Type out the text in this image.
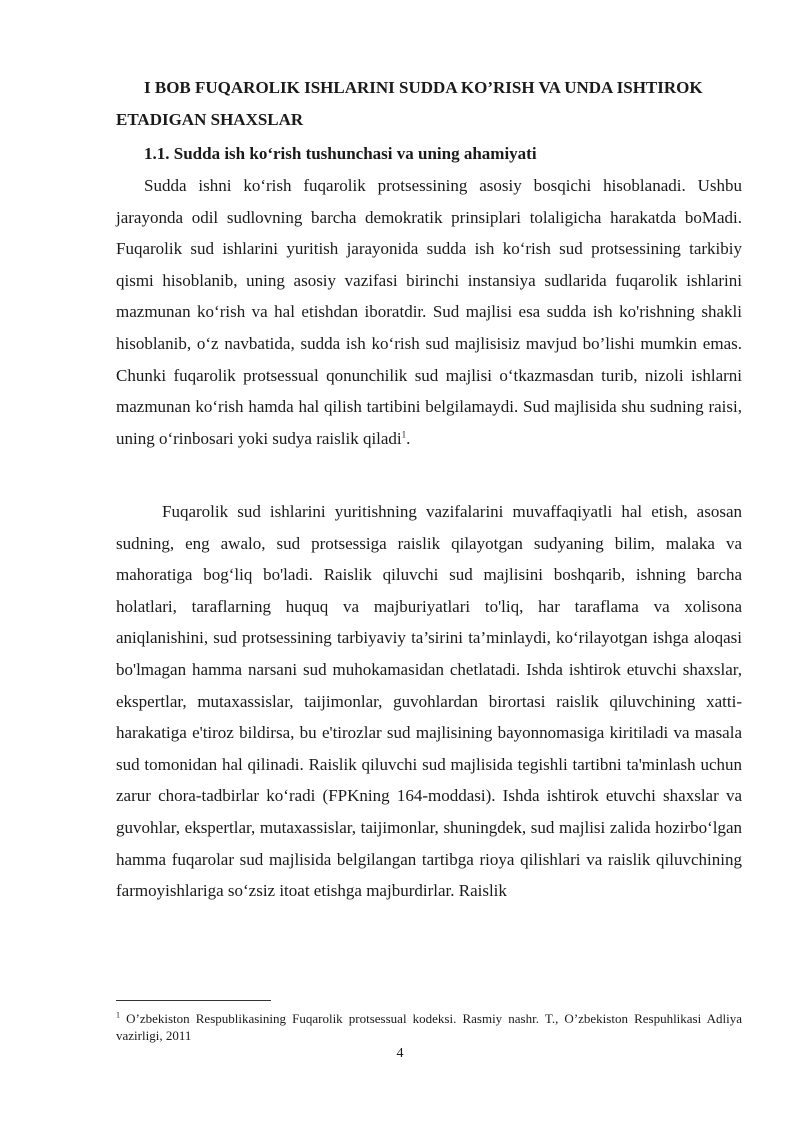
I BOB FUQAROLIK ISHLARINI SUDDA KO’RISH VA UNDA ISHTIROK ETADIGAN SHAXSLAR

1.1. Sudda ish ko‘rish tushunchasi va uning ahamiyati

Sudda ishni ko‘rish fuqarolik protsessining asosiy bosqichi hisoblanadi. Ushbu jarayonda odil sudlovning barcha demokratik prinsiplari tolaligicha harakatda boMadi. Fuqarolik sud ishlarini yuritish jarayonida sudda ish ko‘rish sud protsessining tarkibiy qismi hisoblanib, uning asosiy vazifasi birinchi instansiya sudlarida fuqarolik ishlarini mazmunan ko‘rish va hal etishdan iboratdir. Sud majlisi esa sudda ish ko'rishning shakli hisoblanib, o‘z navbatida, sudda ish ko‘rish sud majlisisiz mavjud bo’lishi mumkin emas. Chunki fuqarolik protsessual qonunchilik sud majlisi o‘tkazmasdan turib, nizoli ishlarni mazmunan ko‘rish hamda hal qilish tartibini belgilamaydi. Sud majlisida shu sudning raisi, uning o‘rinbosari yoki sudya raislik qiladi$^1$.

Fuqarolik sud ishlarini yuritishning vazifalarini muvaffaqiyatli hal etish, asosan sudning, eng awalo, sud protsessiga raislik qilayotgan sudyaning bilim, malaka va mahoratiga bog‘liq bo'ladi. Raislik qiluvchi sud majlisini boshqarib, ishning barcha holatlari, taraflarning huquq va majburiyatlari to'liq, har taraflama va xolisona aniqlanishini, sud protsessining tarbiyaviy ta’sirini ta’minlaydi, ko‘rilayotgan ishga aloqasi bo'lmagan hamma narsani sud muhokamasidan chetlatadi. Ishda ishtirok etuvchi shaxslar, ekspertlar, mutaxassislar, taijimonlar, guvohlardan birortasi raislik qiluvchining xatti-harakatiga e'tiroz bildirsa, bu e'tirozlar sud majlisining bayonnomasiga kiritiladi va masala sud tomonidan hal qilinadi. Raislik qiluvchi sud majlisida tegishli tartibni ta'minlash uchun zarur chora-tadbirlar ko‘radi (FPKning 164-moddasi). Ishda ishtirok etuvchi shaxslar va guvohlar, ekspertlar, mutaxassislar, taijimonlar, shuningdek, sud majlisi zalida hozirbo‘lgan hamma fuqarolar sud majlisida belgilangan tartibga rioya qilishlari va raislik qiluvchining farmoyishlariga so‘zsiz itoat etishga majburdirlar. Raislik

$^1$ O’zbekiston Respublikasining Fuqarolik protsessual kodeksi. Rasmiy nashr. T., O’zbekiston Respuhlikasi Adliya vazirligi, 2011

4
